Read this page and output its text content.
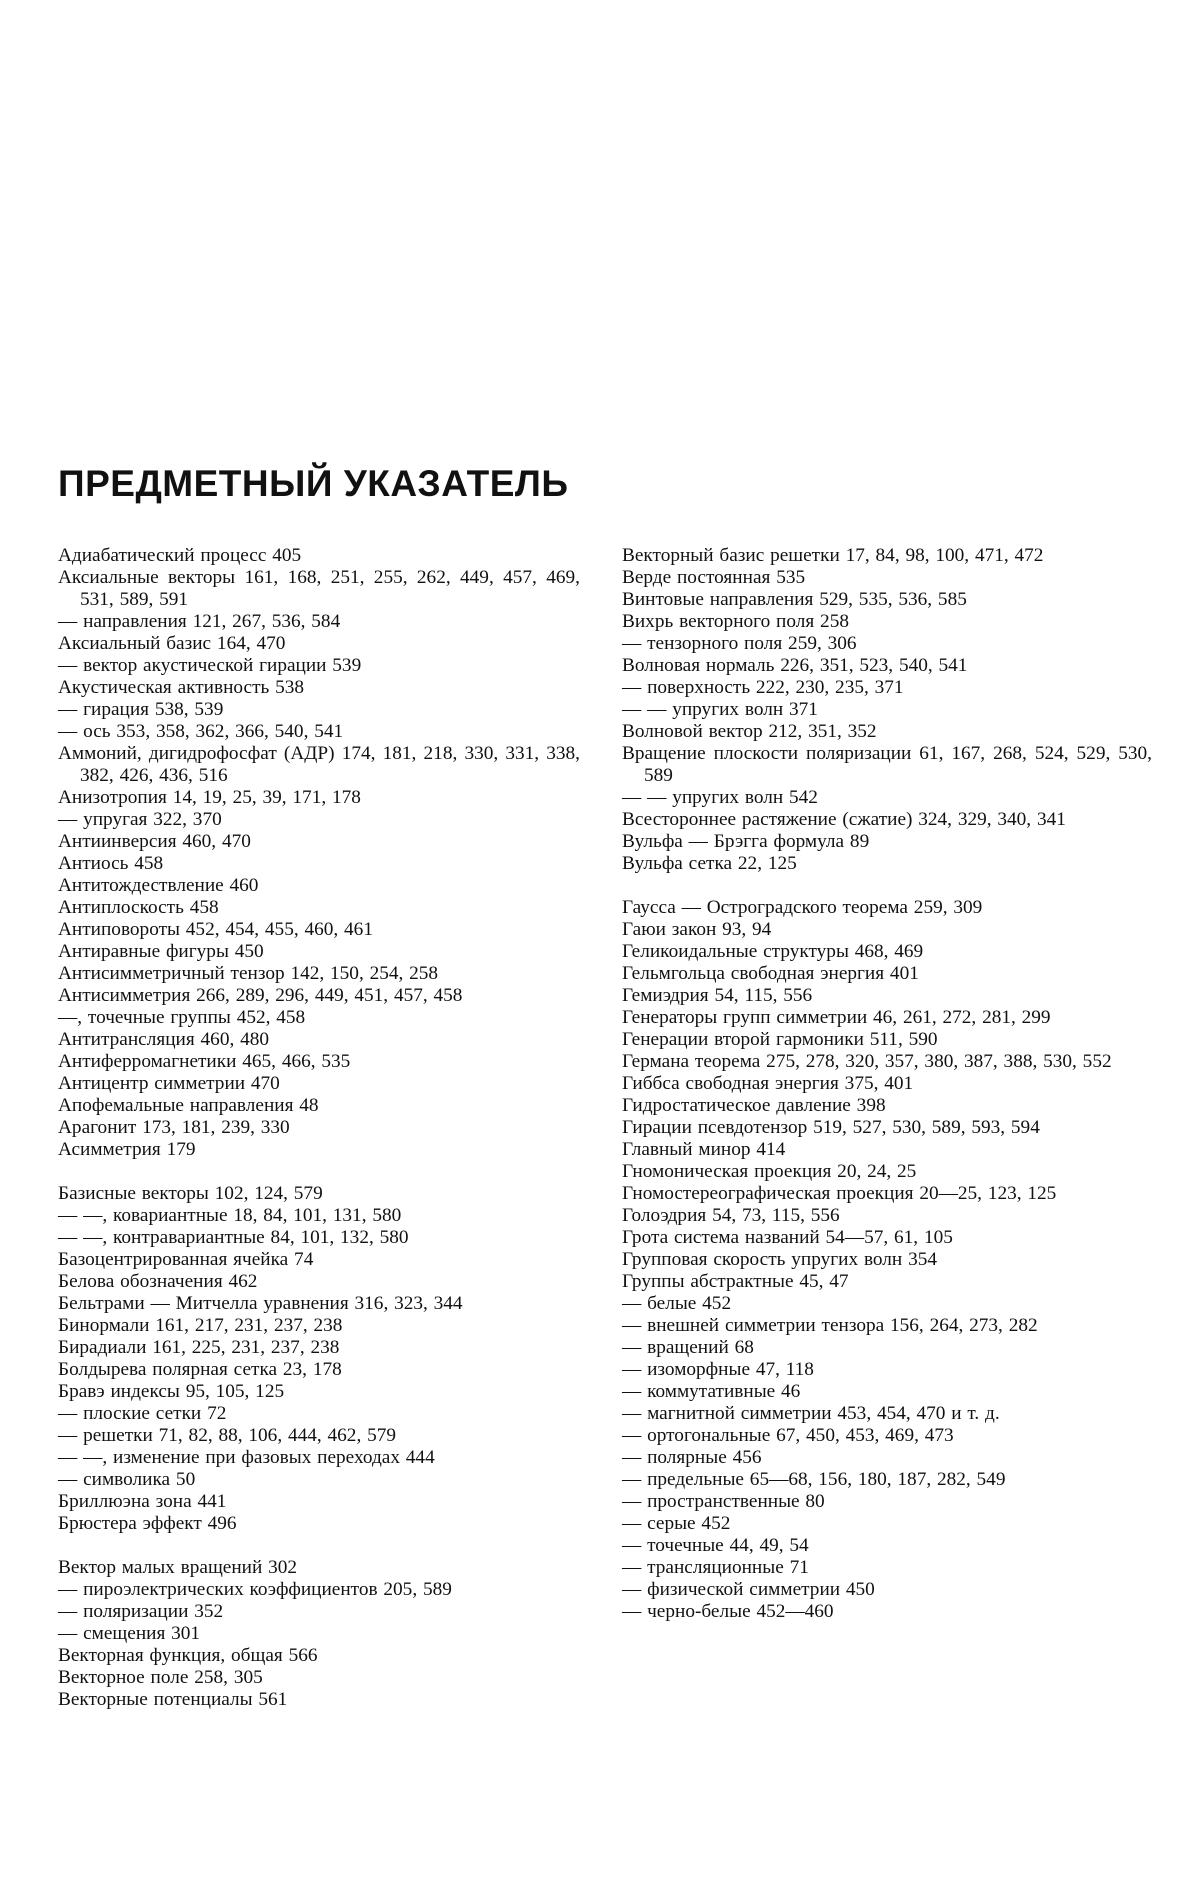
ПРЕДМЕТНЫЙ УКАЗАТЕЛЬ
Адиабатический процесс 405
Аксиальные векторы 161, 168, 251, 255, 262, 449, 457, 469, 531, 589, 591
— направления 121, 267, 536, 584
Аксиальный базис 164, 470
— вектор акустической гирации 539
Акустическая активность 538
— гирация 538, 539
— ось 353, 358, 362, 366, 540, 541
Аммоний, дигидрофосфат (АДР) 174, 181, 218, 330, 331, 338, 382, 426, 436, 516
Анизотропия 14, 19, 25, 39, 171, 178
— упругая 322, 370
Антиинверсия 460, 470
Антиось 458
Антитождествление 460
Антиплоскость 458
Антиповороты 452, 454, 455, 460, 461
Антиравные фигуры 450
Антисимметричный тензор 142, 150, 254, 258
Антисимметрия 266, 289, 296, 449, 451, 457, 458
—, точечные группы 452, 458
Антитрансляция 460, 480
Антиферромагнетики 465, 466, 535
Антицентр симметрии 470
Апофемальные направления 48
Арагонит 173, 181, 239, 330
Асимметрия 179
Базисные векторы 102, 124, 579
— —, ковариантные 18, 84, 101, 131, 580
— —, контравариантные 84, 101, 132, 580
Базоцентрированная ячейка 74
Белова обозначения 462
Бельтрами — Митчелла уравнения 316, 323, 344
Бинормали 161, 217, 231, 237, 238
Бирадиали 161, 225, 231, 237, 238
Болдырева полярная сетка 23, 178
Бравэ индексы 95, 105, 125
— плоские сетки 72
— решетки 71, 82, 88, 106, 444, 462, 579
— —, изменение при фазовых переходах 444
— символика 50
Бриллюэна зона 441
Брюстера эффект 496
Вектор малых вращений 302
— пироэлектрических коэффициентов 205, 589
— поляризации 352
— смещения 301
Векторная функция, общая 566
Векторное поле 258, 305
Векторные потенциалы 561
Векторный базис решетки 17, 84, 98, 100, 471, 472
Верде постоянная 535
Винтовые направления 529, 535, 536, 585
Вихрь векторного поля 258
— тензорного поля 259, 306
Волновая нормаль 226, 351, 523, 540, 541
— поверхность 222, 230, 235, 371
— — упругих волн 371
Волновой вектор 212, 351, 352
Вращение плоскости поляризации 61, 167, 268, 524, 529, 530, 589
— — упругих волн 542
Всестороннее растяжение (сжатие) 324, 329, 340, 341
Вульфа — Брэгга формула 89
Вульфа сетка 22, 125
Гаусса — Остроградского теорема 259, 309
Гаюи закон 93, 94
Геликоидальные структуры 468, 469
Гельмгольца свободная энергия 401
Гемиэдрия 54, 115, 556
Генераторы групп симметрии 46, 261, 272, 281, 299
Генерации второй гармоники 511, 590
Германа теорема 275, 278, 320, 357, 380, 387, 388, 530, 552
Гиббса свободная энергия 375, 401
Гидростатическое давление 398
Гирации псевдотензор 519, 527, 530, 589, 593, 594
Главный минор 414
Гномоническая проекция 20, 24, 25
Гномостереографическая проекция 20—25, 123, 125
Голоэдрия 54, 73, 115, 556
Грота система названий 54—57, 61, 105
Групповая скорость упругих волн 354
Группы абстрактные 45, 47
— белые 452
— внешней симметрии тензора 156, 264, 273, 282
— вращений 68
— изоморфные 47, 118
— коммутативные 46
— магнитной симметрии 453, 454, 470 и т. д.
— ортогональные 67, 450, 453, 469, 473
— полярные 456
— предельные 65—68, 156, 180, 187, 282, 549
— пространственные 80
— серые 452
— точечные 44, 49, 54
— трансляционные 71
— физической симметрии 450
— черно-белые 452—460
